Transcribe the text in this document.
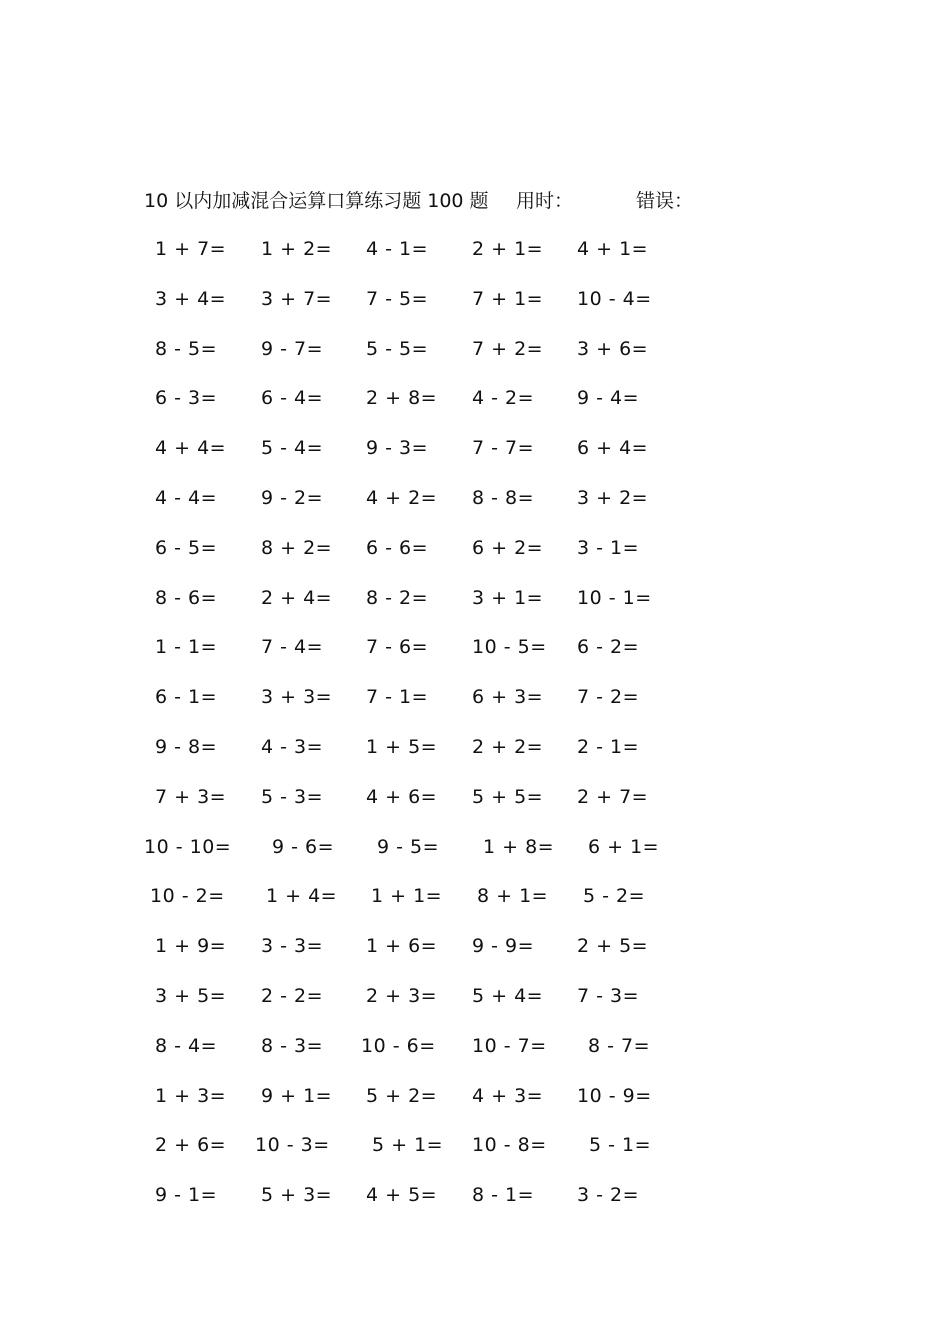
10 以内加减混合运算口算练习题 100 题 用时：	错误：
1 + 7= 1 + 2= 4 - 1= 2 + 1= 4 + 1=
3 + 4= 3 + 7= 7 - 5= 7 + 1= 10 - 4=
8 - 5= 9 - 7= 5 - 5= 7 + 2= 3 + 6=
6 - 3= 6 - 4= 2 + 8= 4 - 2= 9 - 4=
4 + 4= 5 - 4= 9 - 3= 7 - 7= 6 + 4=
4 - 4= 9 - 2= 4 + 2= 8 - 8= 3 + 2=
6 - 5= 8 + 2= 6 - 6= 6 + 2= 3 - 1=
8 - 6= 2 + 4= 8 - 2= 3 + 1= 10 - 1=
1 - 1= 7 - 4= 7 - 6= 10 - 5= 6 - 2=
6 - 1= 3 + 3= 7 - 1= 6 + 3= 7 - 2=
9 - 8= 4 - 3= 1 + 5= 2 + 2= 2 - 1=
7 + 3= 5 - 3= 4 + 6= 5 + 5= 2 + 7=
10 - 10= 9 - 6= 9 - 5= 1 + 8= 6 + 1=
10 - 2= 1 + 4= 1 + 1= 8 + 1= 5 - 2=
1 + 9= 3 - 3= 1 + 6= 9 - 9= 2 + 5=
3 + 5= 2 - 2= 2 + 3= 5 + 4= 7 - 3=
8 - 4= 8 - 3= 10 - 6= 10 - 7= 8 - 7=
1 + 3= 9 + 1= 5 + 2= 4 + 3= 10 - 9=
2 + 6= 10 - 3= 5 + 1= 10 - 8= 5 - 1=
9 - 1= 5 + 3= 4 + 5= 8 - 1= 3 - 2=
